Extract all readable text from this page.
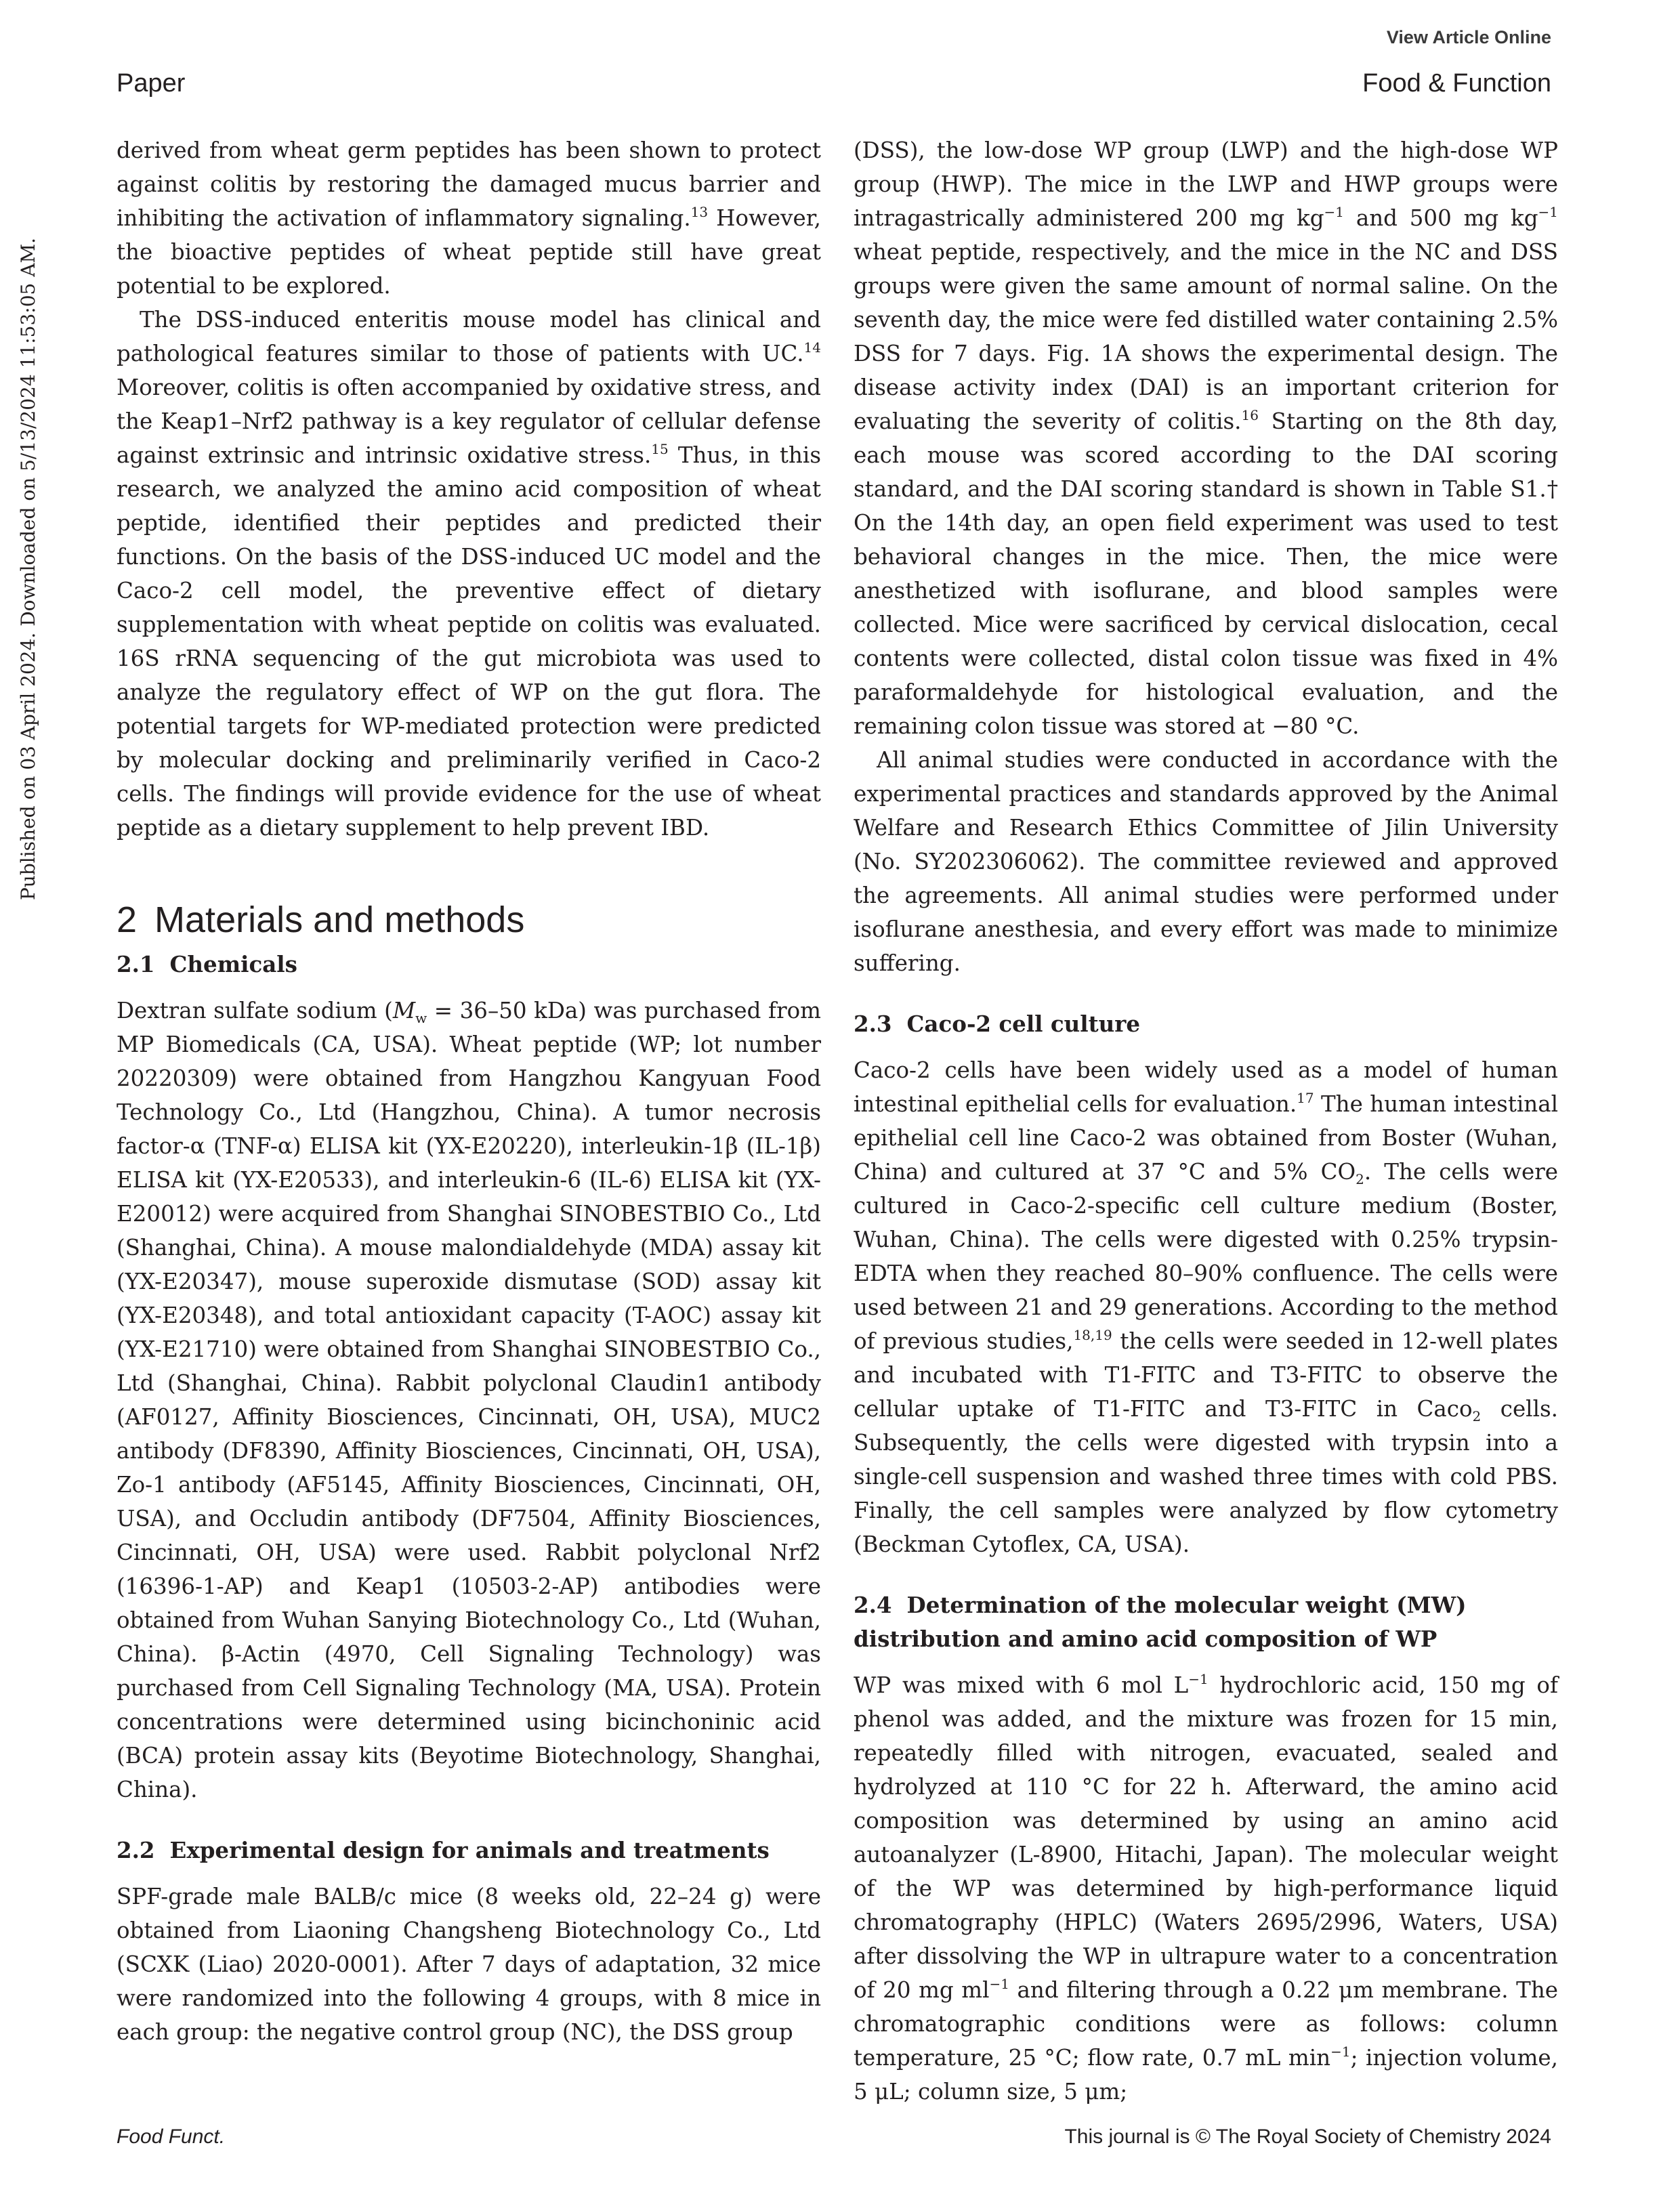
View Article Online
Paper	Food & Function
Published on 03 April 2024. Downloaded on 5/13/2024 11:53:05 AM.

derived from wheat germ peptides has been shown to protect against colitis by restoring the damaged mucus barrier and inhibiting the activation of inflammatory signaling.$^{13}$ However, the bioactive peptides of wheat peptide still have great potential to be explored.

The DSS-induced enteritis mouse model has clinical and pathological features similar to those of patients with UC.$^{14}$ Moreover, colitis is often accompanied by oxidative stress, and the Keap1–Nrf2 pathway is a key regulator of cellular defense against extrinsic and intrinsic oxidative stress.$^{15}$ Thus, in this research, we analyzed the amino acid composition of wheat peptide, identified their peptides and predicted their functions. On the basis of the DSS-induced UC model and the Caco-2 cell model, the preventive effect of dietary supplementation with wheat peptide on colitis was evaluated. 16S rRNA sequencing of the gut microbiota was used to analyze the regulatory effect of WP on the gut flora. The potential targets for WP-mediated protection were predicted by molecular docking and preliminarily verified in Caco-2 cells. The findings will provide evidence for the use of wheat peptide as a dietary supplement to help prevent IBD.

2 Materials and methods
2.1 Chemicals

Dextran sulfate sodium ($M_w = 36-50$ kDa) was purchased from MP Biomedicals (CA, USA). Wheat peptide (WP; lot number 20220309) were obtained from Hangzhou Kangyuan Food Technology Co., Ltd (Hangzhou, China). A tumor necrosis factor-α (TNF-α) ELISA kit (YX-E20220), interleukin-1β (IL-1β) ELISA kit (YX-E20533), and interleukin-6 (IL-6) ELISA kit (YX-E20012) were acquired from Shanghai SINOBESTBIO Co., Ltd (Shanghai, China). A mouse malondialdehyde (MDA) assay kit (YX-E20347), mouse superoxide dismutase (SOD) assay kit (YX-E20348), and total antioxidant capacity (T-AOC) assay kit (YX-E21710) were obtained from Shanghai SINOBESTBIO Co., Ltd (Shanghai, China). Rabbit polyclonal Claudin1 antibody (AF0127, Affinity Biosciences, Cincinnati, OH, USA), MUC2 antibody (DF8390, Affinity Biosciences, Cincinnati, OH, USA), Zo-1 antibody (AF5145, Affinity Biosciences, Cincinnati, OH, USA), and Occludin antibody (DF7504, Affinity Biosciences, Cincinnati, OH, USA) were used. Rabbit polyclonal Nrf2 (16396-1-AP) and Keap1 (10503-2-AP) antibodies were obtained from Wuhan Sanying Biotechnology Co., Ltd (Wuhan, China). β-Actin (4970, Cell Signaling Technology) was purchased from Cell Signaling Technology (MA, USA). Protein concentrations were determined using bicinchoninic acid (BCA) protein assay kits (Beyotime Biotechnology, Shanghai, China).

2.2 Experimental design for animals and treatments

SPF-grade male BALB/c mice (8 weeks old, 22–24 g) were obtained from Liaoning Changsheng Biotechnology Co., Ltd (SCXK (Liao) 2020-0001). After 7 days of adaptation, 32 mice were randomized into the following 4 groups, with 8 mice in each group: the negative control group (NC), the DSS group

(DSS), the low-dose WP group (LWP) and the high-dose WP group (HWP). The mice in the LWP and HWP groups were intragastrically administered 200 mg $kg^{-1}$ and 500 mg $kg^{-1}$ wheat peptide, respectively, and the mice in the NC and DSS groups were given the same amount of normal saline. On the seventh day, the mice were fed distilled water containing 2.5% DSS for 7 days. Fig. 1A shows the experimental design. The disease activity index (DAI) is an important criterion for evaluating the severity of colitis.$^{16}$ Starting on the 8th day, each mouse was scored according to the DAI scoring standard, and the DAI scoring standard is shown in Table S1.† On the 14th day, an open field experiment was used to test behavioral changes in the mice. Then, the mice were anesthetized with isoflurane, and blood samples were collected. Mice were sacrificed by cervical dislocation, cecal contents were collected, distal colon tissue was fixed in 4% paraformaldehyde for histological evaluation, and the remaining colon tissue was stored at −80 °C.

All animal studies were conducted in accordance with the experimental practices and standards approved by the Animal Welfare and Research Ethics Committee of Jilin University (No. SY202306062). The committee reviewed and approved the agreements. All animal studies were performed under isoflurane anesthesia, and every effort was made to minimize suffering.

2.3 Caco-2 cell culture

Caco-2 cells have been widely used as a model of human intestinal epithelial cells for evaluation.$^{17}$ The human intestinal epithelial cell line Caco-2 was obtained from Boster (Wuhan, China) and cultured at 37 °C and 5% $CO_2$. The cells were cultured in Caco-2-specific cell culture medium (Boster, Wuhan, China). The cells were digested with 0.25% trypsin-EDTA when they reached 80–90% confluence. The cells were used between 21 and 29 generations. According to the method of previous studies,$^{18,19}$ the cells were seeded in 12-well plates and incubated with T1-FITC and T3-FITC to observe the cellular uptake of T1-FITC and T3-FITC in Caco$_2$ cells. Subsequently, the cells were digested with trypsin into a single-cell suspension and washed three times with cold PBS. Finally, the cell samples were analyzed by flow cytometry (Beckman Cytoflex, CA, USA).

2.4 Determination of the molecular weight (MW)
distribution and amino acid composition of WP

WP was mixed with 6 mol $L^{-1}$ hydrochloric acid, 150 mg of phenol was added, and the mixture was frozen for 15 min, repeatedly filled with nitrogen, evacuated, sealed and hydrolyzed at 110 °C for 22 h. Afterward, the amino acid composition was determined by using an amino acid autoanalyzer (L-8900, Hitachi, Japan). The molecular weight of the WP was determined by high-performance liquid chromatography (HPLC) (Waters 2695/2996, Waters, USA) after dissolving the WP in ultrapure water to a concentration of 20 mg $ml^{-1}$ and filtering through a 0.22 μm membrane. The chromatographic conditions were as follows: column temperature, 25 °C; flow rate, 0.7 mL $\min^{-1}$; injection volume, 5 μL; column size, 5 μm;

Food Funct.	This journal is © The Royal Society of Chemistry 2024
